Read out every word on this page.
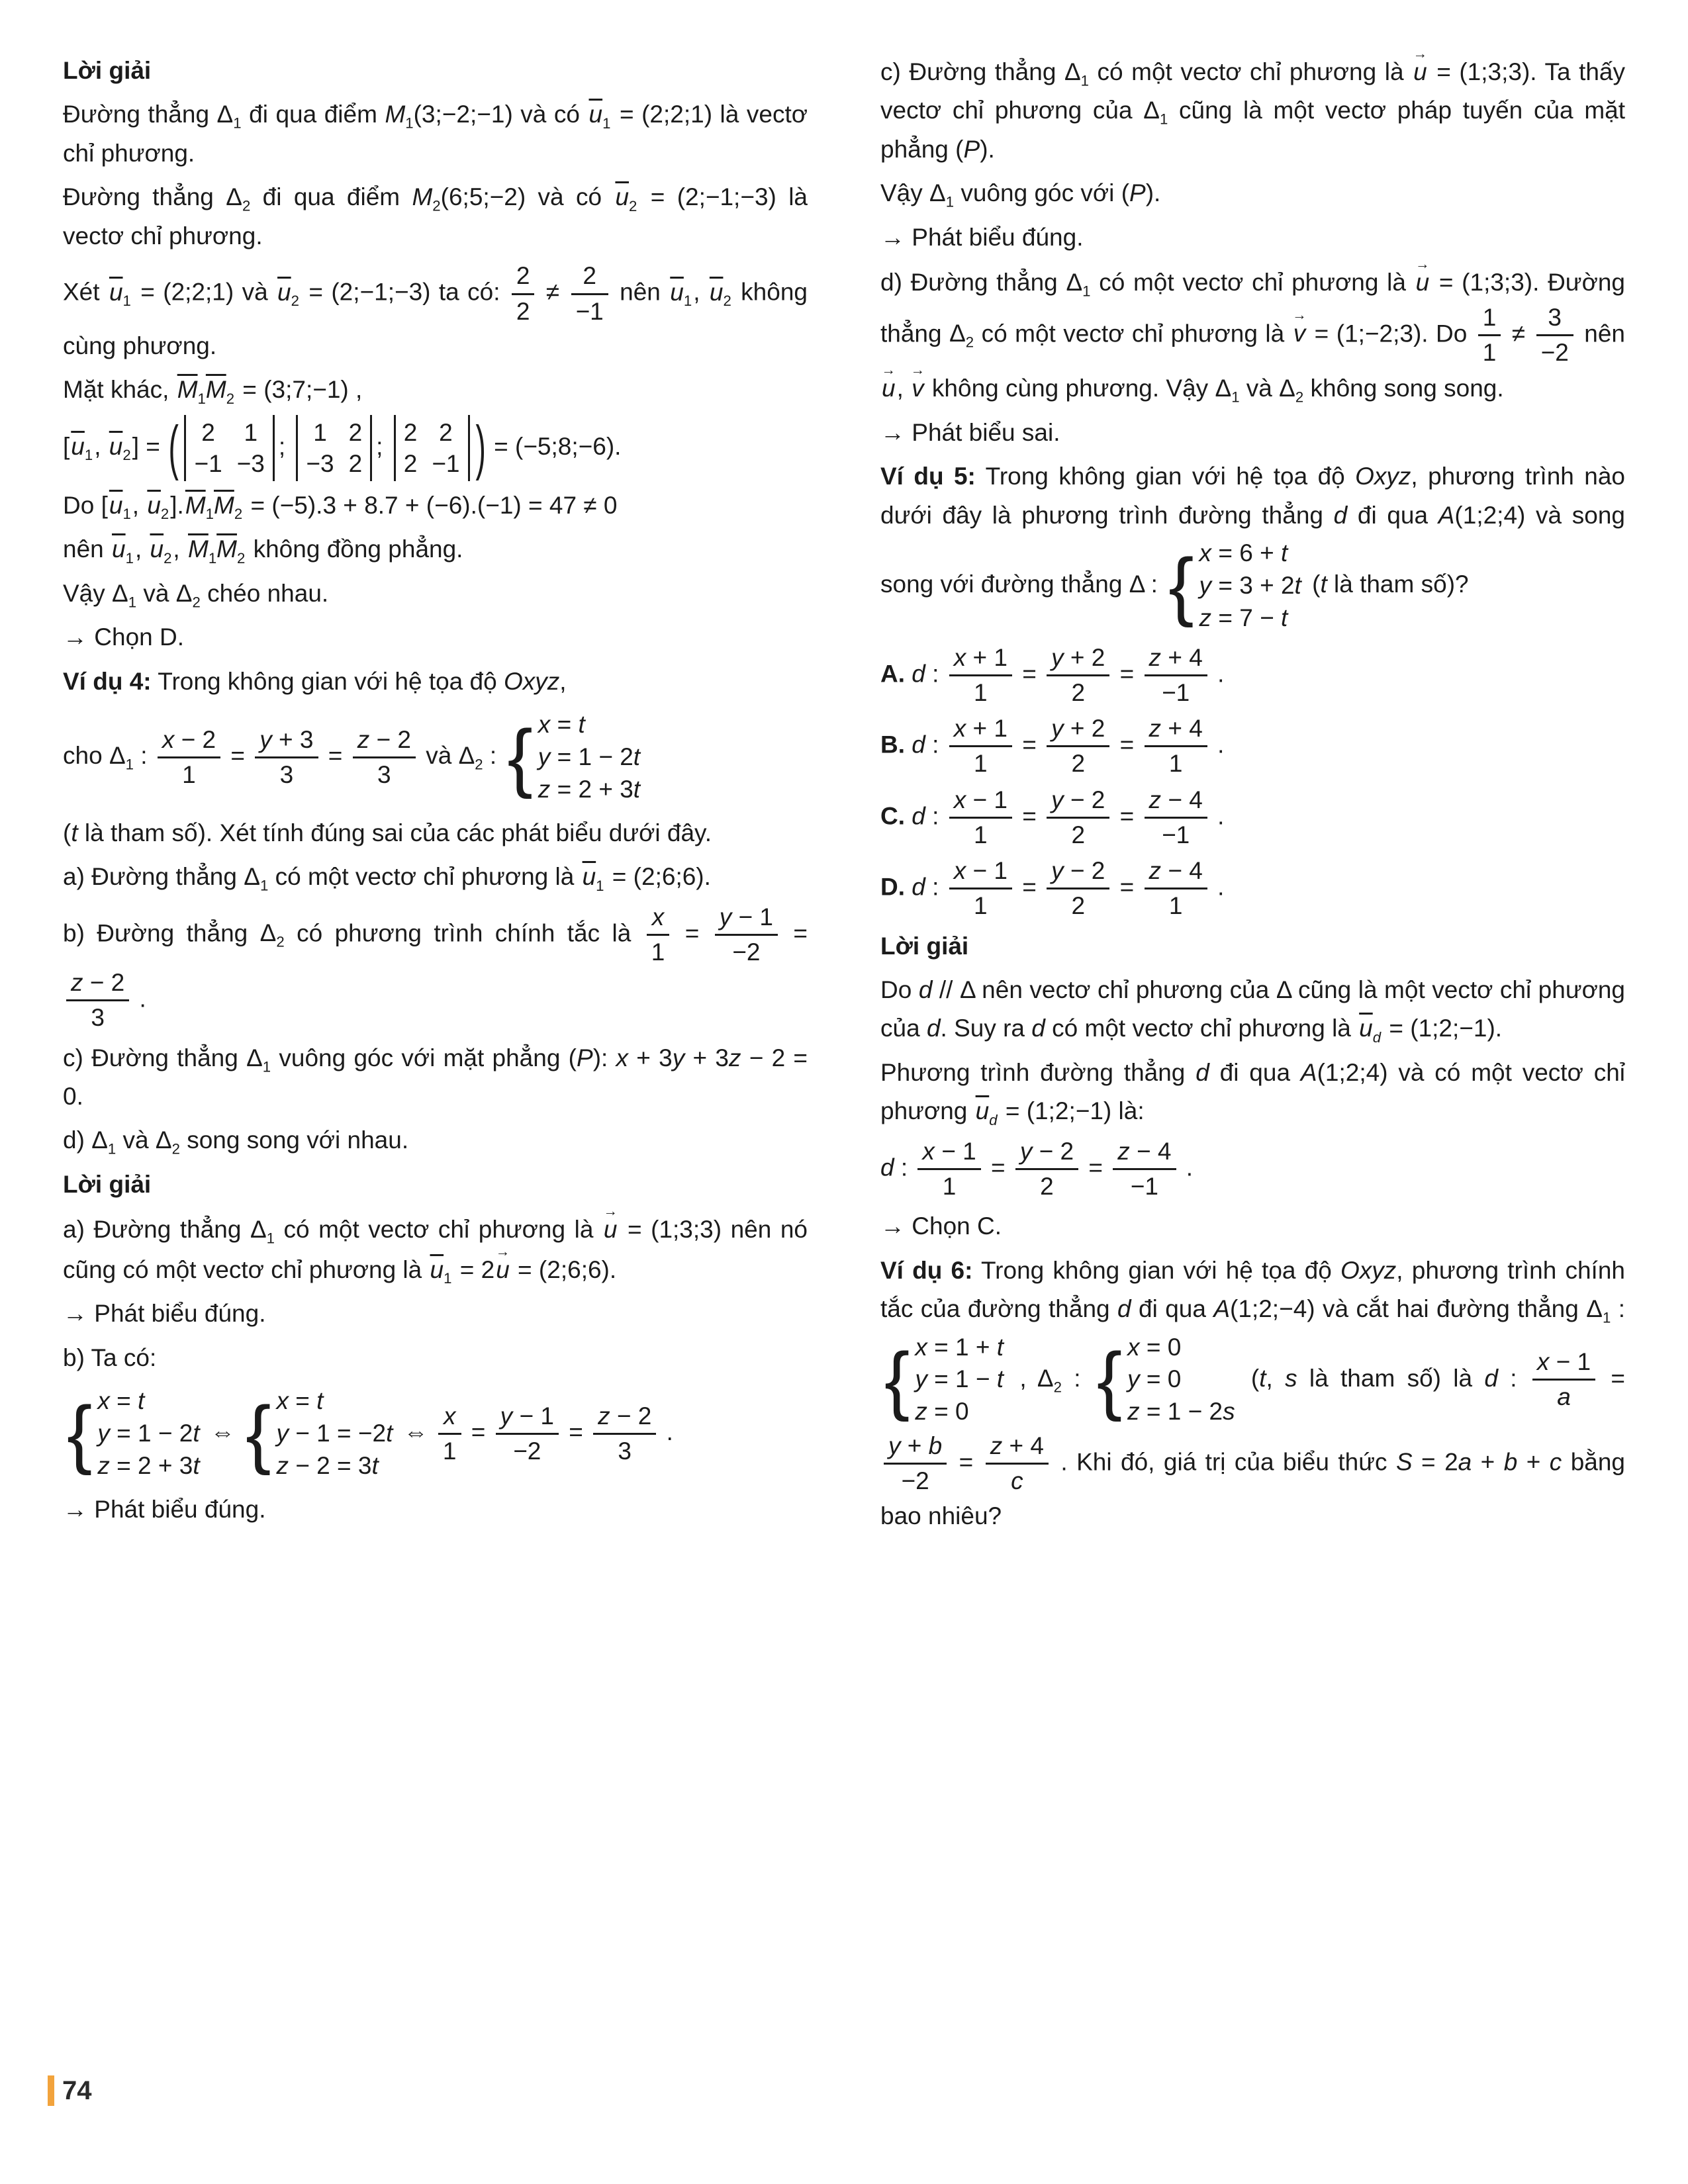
Lời giải
Đường thẳng $\Delta_1$ đi qua điểm $M_1(3;-2;-1)$ và có u1 = (2;2;1) là vectơ chỉ phương.
Đường thẳng $\Delta_2$ đi qua điểm $M_2(6;5;-2)$ và có u2 = (2;−1;−3) là vectơ chỉ phương.
Xét u1 = (2;2;1) và u2 = (2;−1;−3) ta có: $\frac{2}{2} \ne \frac{2}{-1}$ nên u1, u2 không cùng phương.
Mặt khác, M1M2 = (3;7;−1) ,
[u1, u2] = ( 2 1
−1 −3
;
1 2
−3 2
;
2 2
2 −1 ) = (−5;8;−6).
Do [u1, u2].M1M2 = (−5).3 + 8.7 + (−6).(−1) = 47 ≠ 0
nên u1, u2, M1M2 không đồng phẳng.
Vậy $\Delta_1$ và $\Delta_2$ chéo nhau.
→ Chọn D.
Ví dụ 4: Trong không gian với hệ tọa độ Oxyz,
cho $\Delta_1$ : $\frac{x - 2}{1} = \frac{y + 3}{3} = \frac{z - 2}{3}$ và $\Delta_2$ : { x = t
y = 1 − 2t
z = 2 + 3t
(t là tham số). Xét tính đúng sai của các phát biểu dưới đây.
a) Đường thẳng $\Delta_1$ có một vectơ chỉ phương là u1 = (2;6;6).
b) Đường thẳng $\Delta_2$ có phương trình chính tắc là $\frac{x}{1} = \frac{y - 1}{-2}$ =
$\frac{z - 2}{3}$ .
c) Đường thẳng $\Delta_1$ vuông góc với mặt phẳng (P): x + 3y + 3z − 2 = 0.
d) $\Delta_1$ và $\Delta_2$ song song với nhau.
Lời giải
a) Đường thẳng $\Delta_1$ có một vectơ chỉ phương là → u = (1;3;3) nên nó cũng có một vectơ chỉ phương là u1 = 2→ u = (2;6;6).
→ Phát biểu đúng.
b) Ta có:
{ x = t
y = 1 − 2t
z = 2 + 3t
⇔ { x = t
y − 1 = −2t
z − 2 = 3t
⇔ $\frac{x}{1} = \frac{y - 1}{-2} = \frac{z - 2}{3}$ .
→ Phát biểu đúng.
c) Đường thẳng $\Delta_1$ có một vectơ chỉ phương là → u = (1;3;3). Ta thấy vectơ chỉ phương của $\Delta_1$ cũng là một vectơ pháp tuyến của mặt phẳng (P).
Vậy $\Delta_1$ vuông góc với (P).
→ Phát biểu đúng.
d) Đường thẳng $\Delta_1$ có một vectơ chỉ phương là → u = (1;3;3). Đường thẳng $\Delta_2$ có một vectơ chỉ phương là → v = (1;−2;3). Do $\frac{1}{1} \ne \frac{3}{-2}$ nên → u, → v không cùng phương. Vậy $\Delta_1$ và $\Delta_2$ không song song.
→ Phát biểu sai.
Ví dụ 5: Trong không gian với hệ tọa độ Oxyz, phương trình nào dưới đây là phương trình đường thẳng d đi qua A(1;2;4) và song song với đường thẳng Δ : { x = 6 + t
y = 3 + 2t
z = 7 − t
(t là tham số)?
A. d : $\frac{x + 1}{1} = \frac{y + 2}{2} = \frac{z + 4}{-1}$ .
B. d : $\frac{x + 1}{1} = \frac{y + 2}{2} = \frac{z + 4}{1}$ .
C. d : $\frac{x - 1}{1} = \frac{y - 2}{2} = \frac{z - 4}{-1}$ .
D. d : $\frac{x - 1}{1} = \frac{y - 2}{2} = \frac{z - 4}{1}$ .
Lời giải
Do d // Δ nên vectơ chỉ phương của Δ cũng là một vectơ chỉ phương của d. Suy ra d có một vectơ chỉ phương là ud = (1;2;−1).
Phương trình đường thẳng d đi qua A(1;2;4) và có một vectơ chỉ phương ud = (1;2;−1) là:
d : $\frac{x - 1}{1} = \frac{y - 2}{2} = \frac{z - 4}{-1}$ .
→ Chọn C.
Ví dụ 6: Trong không gian với hệ tọa độ Oxyz, phương trình chính tắc của đường thẳng d đi qua A(1;2;−4) và cắt hai đường thẳng $\Delta_1$ :
{ x = 1 + t
y = 1 − t
z = 0
, $\Delta_2$ : { x = 0
y = 0
z = 1 − 2s
(t, s là tham số) là d : $\frac{x - 1}{a}$ =
$\frac{y + b}{-2} = \frac{z + 4}{c}$ . Khi đó, giá trị của biểu thức S = 2a + b + c bằng bao nhiêu?
74
